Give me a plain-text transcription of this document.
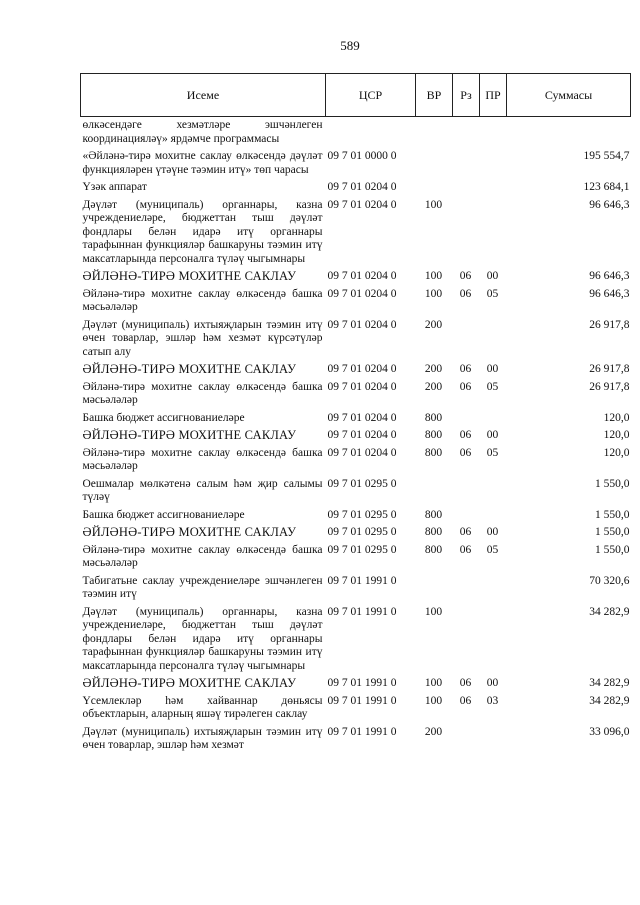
589
Исеме	ЦСР	ВР	Рз	ПР	Суммасы
өлкәсендәге хезмәтләре эшчәнлеген координацияләү» ярдәмче программасы					
«Әйләнә-тирә мохитне саклау өлкәсендә дәүләт функцияләрен үтәүне тәэмин итү» төп чарасы	09 7 01 0000 0				195 554,7
Үзәк аппарат	09 7 01 0204 0				123 684,1
Дәүләт (муниципаль) органнары, казна учреждениеләре, бюджеттан тыш дәүләт фондлары белән идарә итү органнары тарафыннан функцияләр башкаруны тәэмин итү максатларында персоналга түләү чыгымнары	09 7 01 0204 0	100			96 646,3
ӘЙЛӘНӘ-ТИРӘ МОХИТНЕ САКЛАУ	09 7 01 0204 0	100	06	00	96 646,3
Әйләнә-тирә мохитне саклау өлкәсендә башка мәсьәләләр	09 7 01 0204 0	100	06	05	96 646,3
Дәүләт (муниципаль) ихтыяҗларын тәэмин итү өчен товарлар, эшләр һәм хезмәт күрсәтүләр сатып алу	09 7 01 0204 0	200			26 917,8
ӘЙЛӘНӘ-ТИРӘ МОХИТНЕ САКЛАУ	09 7 01 0204 0	200	06	00	26 917,8
Әйләнә-тирә мохитне саклау өлкәсендә башка мәсьәләләр	09 7 01 0204 0	200	06	05	26 917,8
Башка бюджет ассигнованиеләре	09 7 01 0204 0	800			120,0
ӘЙЛӘНӘ-ТИРӘ МОХИТНЕ САКЛАУ	09 7 01 0204 0	800	06	00	120,0
Әйләнә-тирә мохитне саклау өлкәсендә башка мәсьәләләр	09 7 01 0204 0	800	06	05	120,0
Оешмалар мөлкәтенә салым һәм җир салымы түләү	09 7 01 0295 0				1 550,0
Башка бюджет ассигнованиеләре	09 7 01 0295 0	800			1 550,0
ӘЙЛӘНӘ-ТИРӘ МОХИТНЕ САКЛАУ	09 7 01 0295 0	800	06	00	1 550,0
Әйләнә-тирә мохитне саклау өлкәсендә башка мәсьәләләр	09 7 01 0295 0	800	06	05	1 550,0
Табигатьне саклау учреждениеләре эшчәнлеген тәэмин итү	09 7 01 1991 0				70 320,6
Дәүләт (муниципаль) органнары, казна учреждениеләре, бюджеттан тыш дәүләт фондлары белән идарә итү органнары тарафыннан функцияләр башкаруны тәэмин итү максатларында персоналга түләү чыгымнары	09 7 01 1991 0	100			34 282,9
ӘЙЛӘНӘ-ТИРӘ МОХИТНЕ САКЛАУ	09 7 01 1991 0	100	06	00	34 282,9
Үсемлекләр һәм хайваннар дөньясы объектларын, аларның яшәү тирәлеген саклау	09 7 01 1991 0	100	06	03	34 282,9
Дәүләт (муниципаль) ихтыяҗларын тәэмин итү өчен товарлар, эшләр һәм хезмәт	09 7 01 1991 0	200			33 096,0
